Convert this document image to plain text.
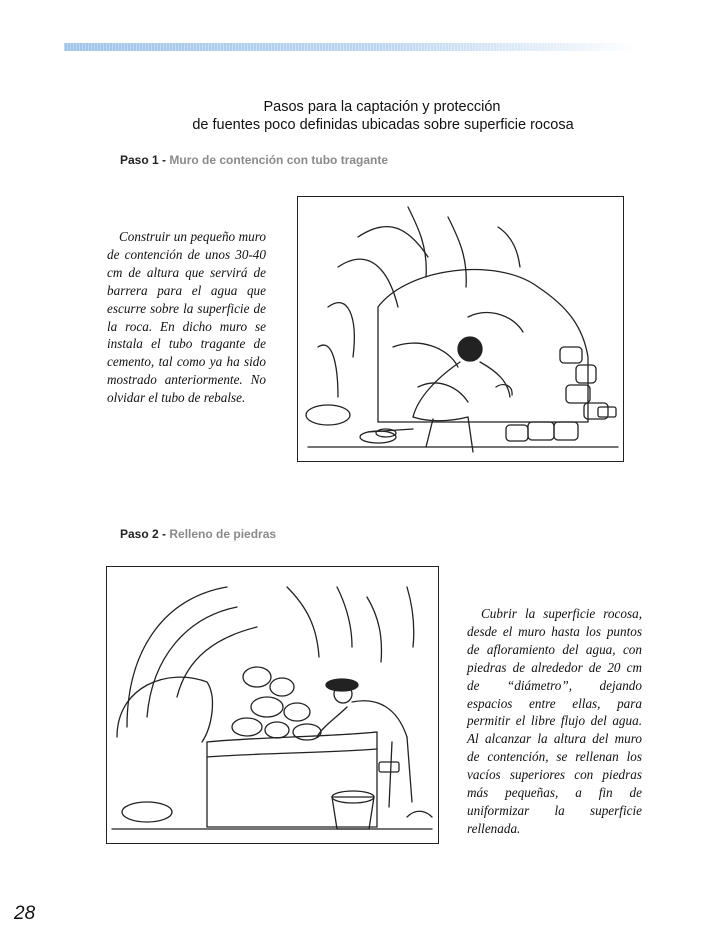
Pasos para la captación y protección
de fuentes poco definidas ubicadas sobre superficie rocosa
Paso 1 - Muro de contención con tubo tragante
Construir un pequeño muro de contención de unos 30-40 cm de altura que servirá de barrera para el agua que escurre sobre la superficie de la roca. En dicho muro se instala el tubo tragante de cemento, tal como ya ha sido mostrado anteriormente. No olvidar el tubo de rebalse.
Paso 2 - Relleno de piedras
Cubrir la superficie rocosa, desde el muro hasta los puntos de afloramiento del agua, con piedras de alrededor de 20 cm de “diámetro”, dejando espacios entre ellas, para permitir el libre flujo del agua. Al alcanzar la altura del muro de contención, se rellenan los vacíos superiores con piedras más pequeñas, a fin de uniformizar la superficie rellenada.
28
